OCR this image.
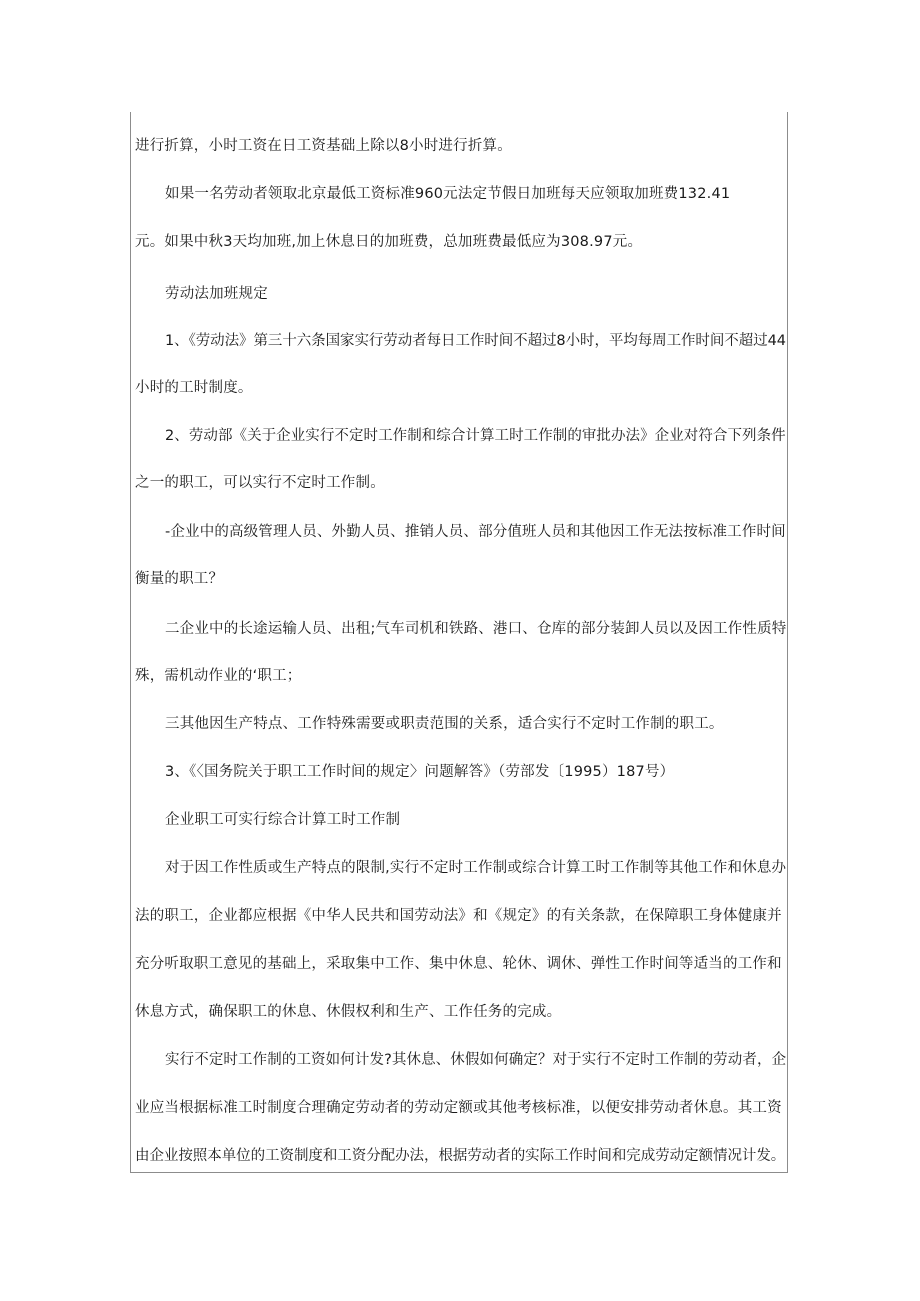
进行折算，小时工资在日工资基础上除以8小时进行折算。
如果一名劳动者领取北京最低工资标准960元法定节假日加班每天应领取加班费132.41
元。如果中秋3天均加班,加上休息日的加班费，总加班费最低应为308.97元。
劳动法加班规定
1、《劳动法》第三十六条国家实行劳动者每日工作时间不超过8小时，平均每周工作时间不超过44
小时的工时制度。
2、劳动部《关于企业实行不定时工作制和综合计算工时工作制的审批办法》企业对符合下列条件
之一的职工，可以实行不定时工作制。
-企业中的高级管理人员、外勤人员、推销人员、部分值班人员和其他因工作无法按标准工作时间
衡量的职工？
二企业中的长途运输人员、出租;气车司机和铁路、港口、仓库的部分装卸人员以及因工作性质特
殊，需机动作业的‘职工；
三其他因生产特点、工作特殊需要或职责范围的关系，适合实行不定时工作制的职工。
3、《〈国务院关于职工工作时间的规定〉问题解答》（劳部发〔1995）187号）
企业职工可实行综合计算工时工作制
对于因工作性质或生产特点的限制,实行不定时工作制或综合计算工时工作制等其他工作和休息办
法的职工，企业都应根据《中华人民共和国劳动法》和《规定》的有关条款，在保障职工身体健康并
充分听取职工意见的基础上，采取集中工作、集中休息、轮休、调休、弹性工作时间等适当的工作和
休息方式，确保职工的休息、休假权利和生产、工作任务的完成。
实行不定时工作制的工资如何计发?其休息、休假如何确定？对于实行不定时工作制的劳动者，企
业应当根据标准工时制度合理确定劳动者的劳动定额或其他考核标准，以便安排劳动者休息。其工资
由企业按照本单位的工资制度和工资分配办法，根据劳动者的实际工作时间和完成劳动定额情况计发。
